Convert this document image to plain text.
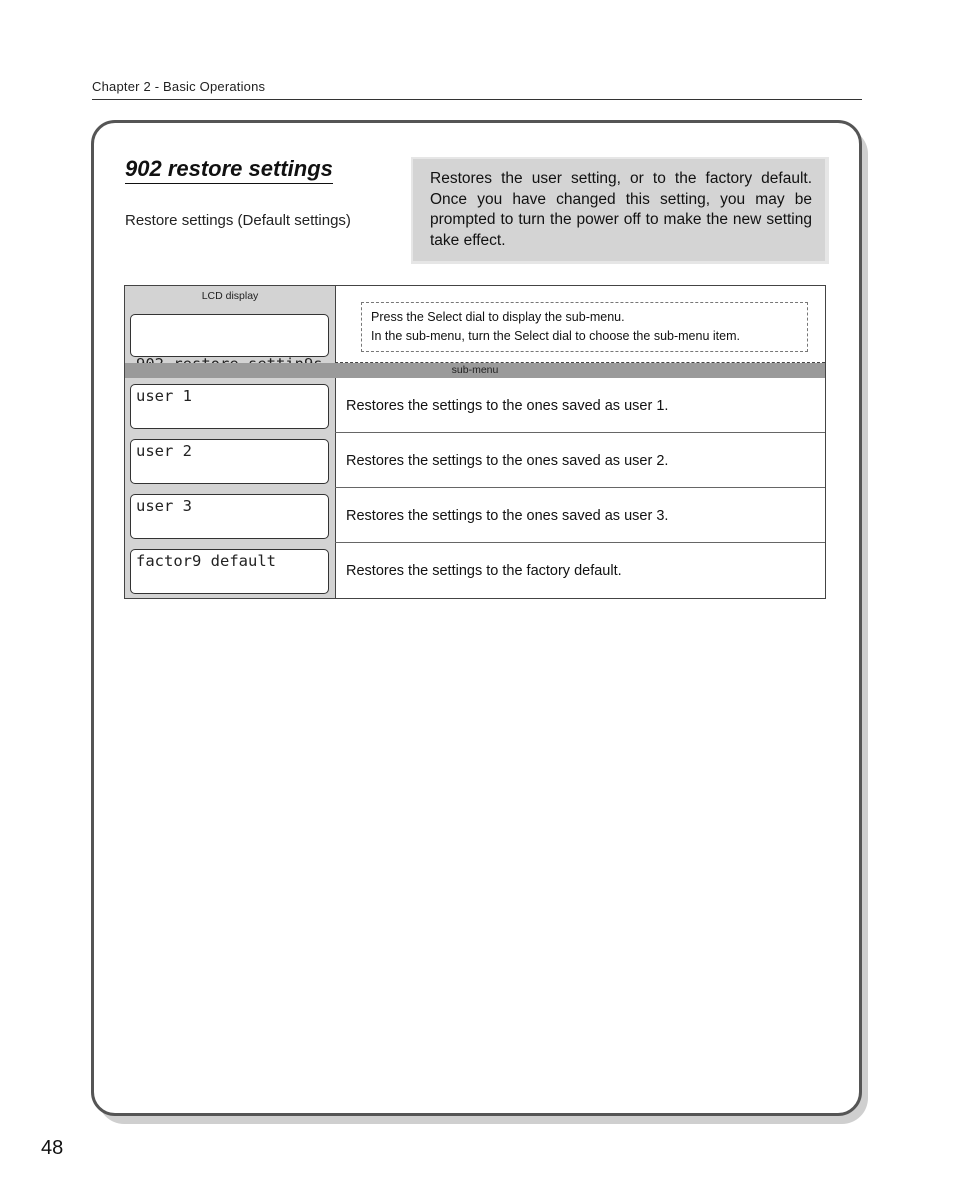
Chapter 2 - Basic Operations
902 restore settings
Restore settings (Default settings)
Restores the user setting, or to the factory default. Once you have changed this setting, you may be prompted to turn the power off to make the new setting take effect.
LCD display

Press the Select dial to display the sub-menu.
In the sub-menu, turn the Select dial to choose the sub-menu item.
sub-menu
user 1
Restores the settings to the ones saved as user 1.
user 2
Restores the settings to the ones saved as user 2.
user 3
Restores the settings to the ones saved as user 3.
factor9 default
Restores the settings to the factory default.
48
